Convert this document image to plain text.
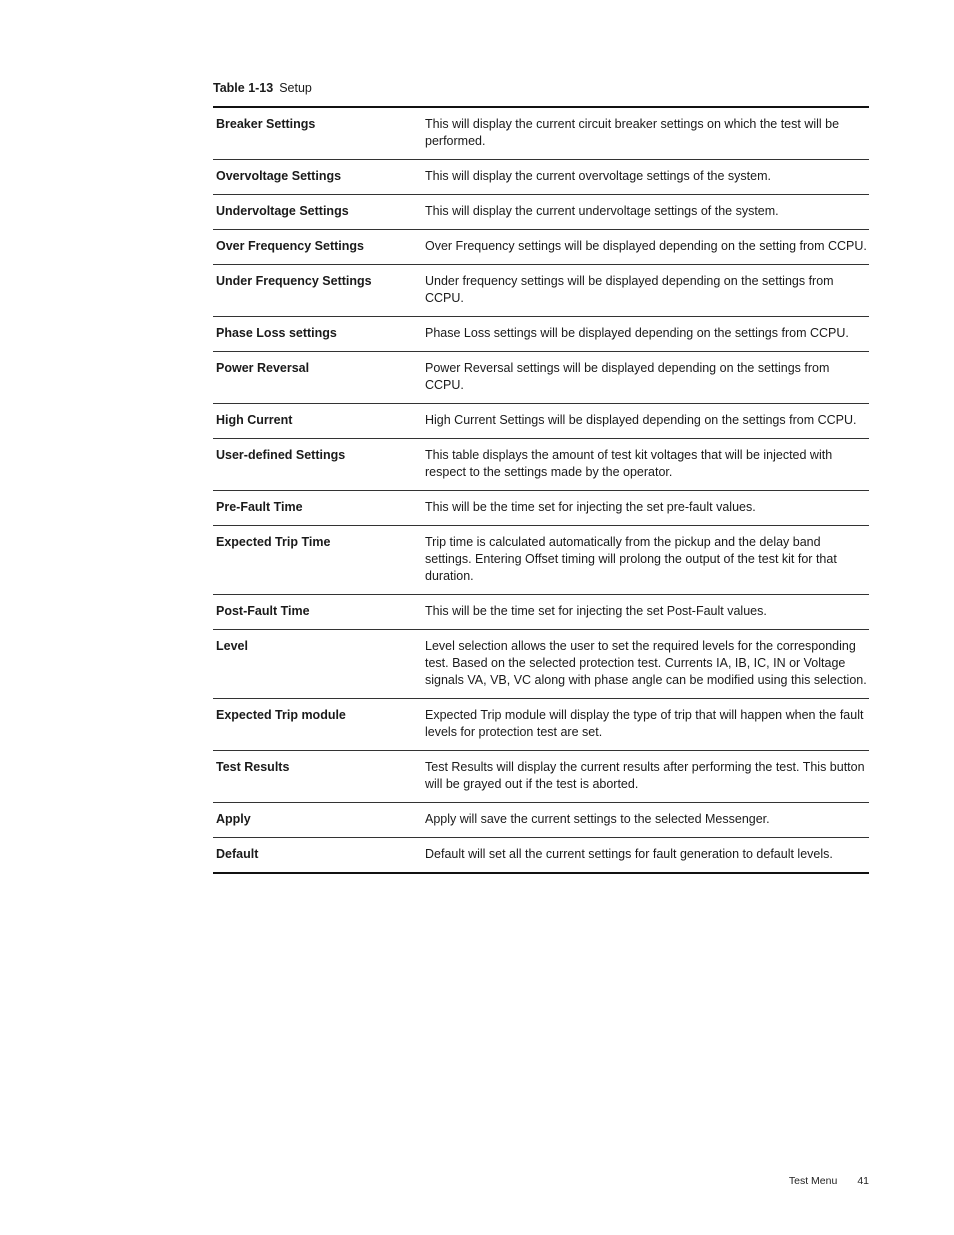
Table 1-13 Setup
Breaker Settings	This will display the current circuit breaker settings on which the test will be performed.
Overvoltage Settings	This will display the current overvoltage settings of the system.
Undervoltage Settings	This will display the current undervoltage settings of the system.
Over Frequency Settings	Over Frequency settings will be displayed depending on the setting from CCPU.
Under Frequency Settings	Under frequency settings will be displayed depending on the settings from CCPU.
Phase Loss settings	Phase Loss settings will be displayed depending on the settings from CCPU.
Power Reversal	Power Reversal settings will be displayed depending on the settings from CCPU.
High Current	High Current Settings will be displayed depending on the settings from CCPU.
User-defined Settings	This table displays the amount of test kit voltages that will be injected with respect to the settings made by the operator.
Pre-Fault Time	This will be the time set for injecting the set pre-fault values.
Expected Trip Time	Trip time is calculated automatically from the pickup and the delay band settings. Entering Offset timing will prolong the output of the test kit for that duration.
Post-Fault Time	This will be the time set for injecting the set Post-Fault values.
Level	Level selection allows the user to set the required levels for the corresponding test. Based on the selected protection test. Currents IA, IB, IC, IN or Voltage signals VA, VB, VC along with phase angle can be modified using this selection.
Expected Trip module	Expected Trip module will display the type of trip that will happen when the fault levels for protection test are set.
Test Results	Test Results will display the current results after performing the test. This button will be grayed out if the test is aborted.
Apply	Apply will save the current settings to the selected Messenger.
Default	Default will set all the current settings for fault generation to default levels.
Test Menu 41
